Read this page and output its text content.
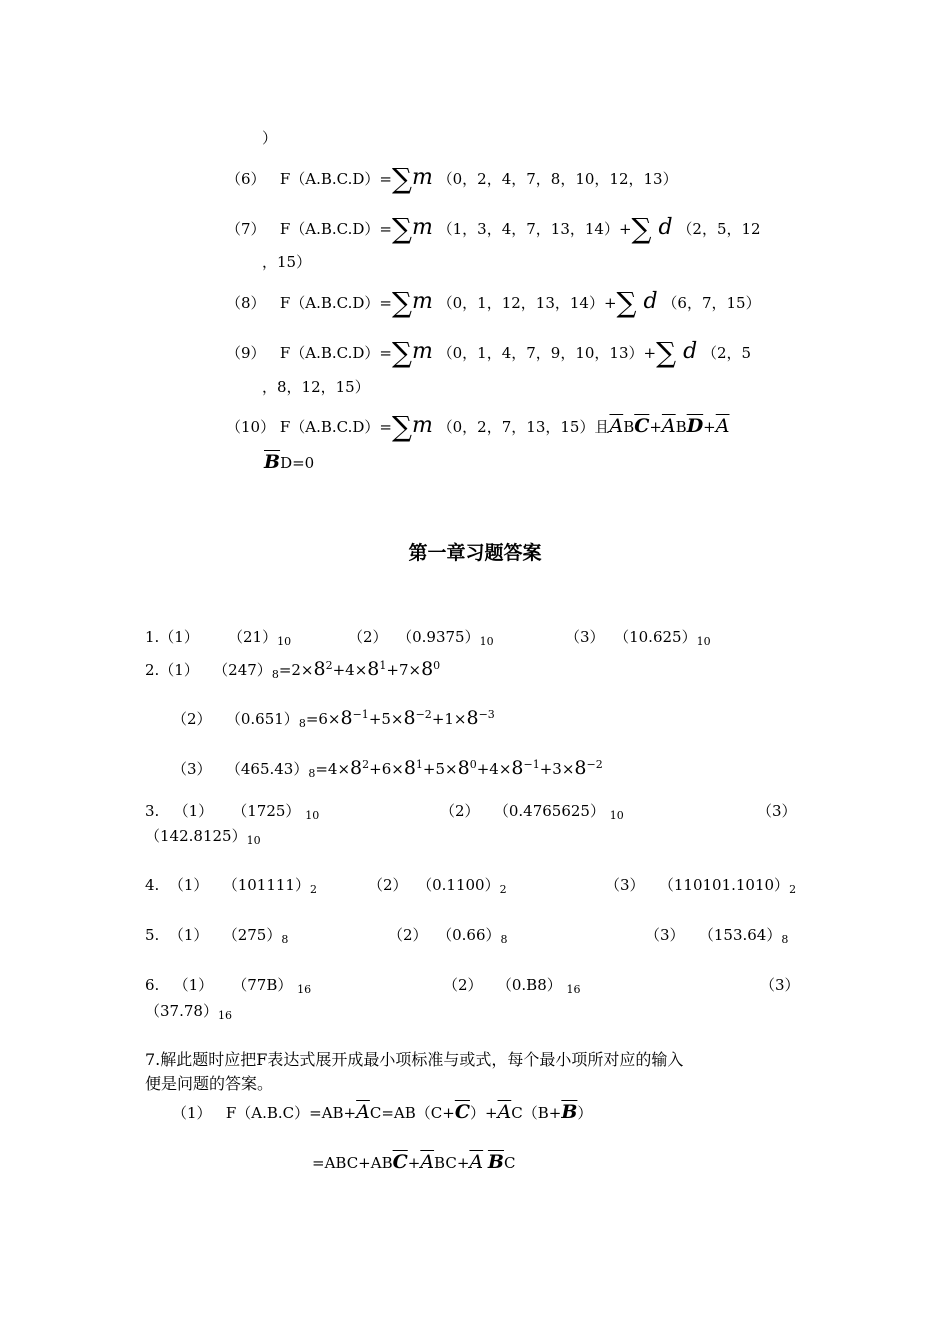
）
（6） F（A.B.C.D）=∑m （0，2，4，7，8，10，12，13）
（7） F（A.B.C.D）=∑m （1，3，4，7，13，14）+∑ d （2，5，12
，15）
（8） F（A.B.C.D）=∑m （0，1，12，13，14）+∑ d （6，7，15）
（9） F（A.B.C.D）=∑m （0，1，4，7，9，10，13）+∑ d （2，5
，8，12，15）
（10） F（A.B.C.D）=∑m （0，2，7，13，15）且$\overline{A}B\overline{C}+\overline{A}B\overline{D}+\overline{A}$
$\overline{B}D=0$
第一章习题答案
1.（1） $(21)_{10}$	（2） $(0.9375)_{10}$	（3） $(10.625)_{10}$
2.（1） $(247)_8=2\times 8^2+4\times 8^1+7\times 8^0$
（2） $(0.651)_8=6\times 8^{-1}+5\times 8^{-2}+1\times 8^{-3}$
（3） $(465.43)_8=4\times 8^2+6\times 8^1+5\times 8^0+4\times 8^{-1}+3\times 8^{-2}$
3. （1） （1725） $_{10}$	（2） （0.4765625） $_{10}$	（3）
$(142.8125)_{10}$
4. （1） $(101111)_2$	（2） $(0.1100)_2$	（3） $(110101.1010)_2$
5. （1） $(275)_8$	（2） $(0.66)_8$	（3） $(153.64)_8$
6. （1） （77B） $_{16}$	（2） （0.B8） $_{16}$	（3）
$(37.78)_{16}$
7.解此题时应把F表达式展开成最小项标准与或式，每个最小项所对应的输入
便是问题的答案。
（1） $F(A.B.C)=AB+\overline{A}C=AB(C+\overline{C})+\overline{A}C(B+\overline{B})$
$=ABC+AB\overline{C}+\overline{A}BC+\overline{A}$ $\overline{B}C$
